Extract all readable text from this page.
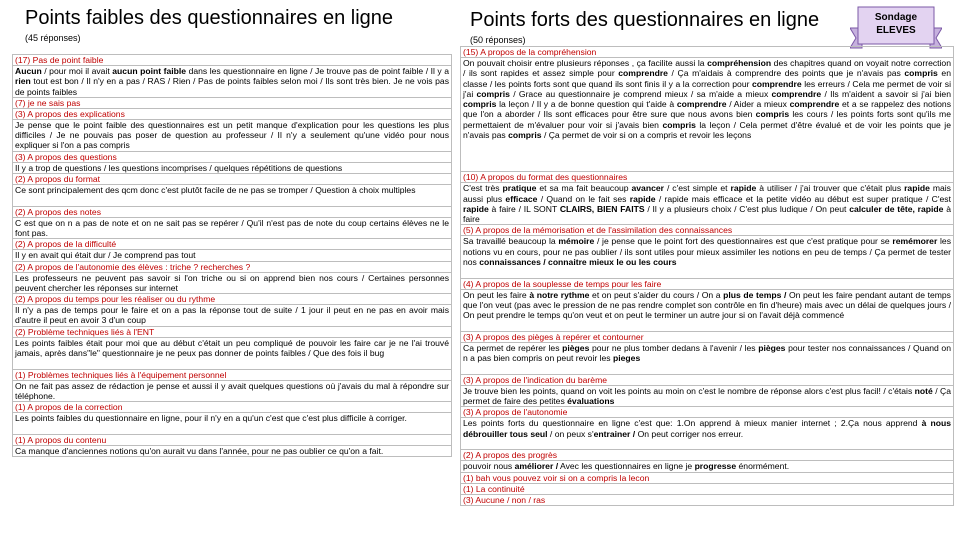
Points faibles des questionnaires en ligne
(45 réponses)
Points forts des questionnaires en ligne
(50 réponses)
Sondage
ELEVES
(17) Pas de point faible
Aucun / pour moi il avait aucun point faible dans les questionnaire en ligne / Je trouve pas de point faible / Il y a rien tout est bon / Il n'y en a pas / RAS / Rien / Pas de points faibles selon moi / Ils sont très bien. Je ne vois pas de points faibles
(7) je ne sais pas
(3) A propos des explications
Je pense que le point faible des questionnaires est un petit manque d'explication pour les questions les plus difficiles / Je ne pouvais pas poser de question au professeur / Il n'y a seulement qu'une vidéo pour nous expliquer si l'on a pas compris
(3) A propos des questions
Il y a trop de questions / les questions incomprises / quelques répétitions de questions
(2) A propos du format
Ce sont principalement des qcm donc c'est plutôt facile de ne pas se tromper / Question à choix multiples
(2) A propos des notes
C est que on n a pas de note et on ne sait pas se repérer / Qu'il n'est pas de note du coup certains élèves ne le font pas.
(2) A propos de la difficulté
Il y en avait qui était dur / Je comprend pas tout
(2) A propos de l'autonomie des élèves : triche ? recherches ?
Les professeurs ne peuvent pas savoir si l'on triche ou si on apprend bien nos cours / Certaines personnes peuvent chercher les réponses sur internet
(2) A propos du temps pour les réaliser ou du rythme
Il n'y a pas de temps pour le faire et on a pas la réponse tout de suite / 1 jour il peut en ne pas en avoir mais d'autre il peut en avoir 3 d'un coup
(2) Problème techniques liés à l'ENT
Les points faibles était pour moi que au début c'était un peu compliqué de pouvoir les faire car je ne l'ai trouvé jamais, après dans"le" questionnaire je ne peux pas donner de points faibles / Que des fois il bug
(1) Problèmes techniques liés à l'équipement personnel
On ne fait pas assez de rédaction je pense et aussi il y avait quelques questions où j'avais du mal à répondre sur téléphone.
(1) A propos de la correction
Les points faibles du questionnaire en ligne, pour il n'y en a qu'un c'est que c'est plus difficile à corriger.
(1) A propos du contenu
Ca manque d'anciennes notions qu'on aurait vu dans l'année, pour ne pas oublier ce qu'on a fait.
(15) A propos de la compréhension
On pouvait choisir entre plusieurs réponses , ça facilite aussi la compréhension des chapitres quand on voyait notre correction / ils sont rapides et assez simple pour comprendre / Ça m'aidais à comprendre des points que je n'avais pas compris en classe / les points forts sont que quand ils sont finis il y a la correction pour comprendre les erreurs / Cela me permet de voir si j'ai compris / Grace au questionnaire je comprend mieux / sa m'aide a mieux comprendre / Ils m'aident a savoir si j'ai bien compris la leçon / Il y a de bonne question qui t'aide à comprendre / Aider a mieux comprendre et a se rappelez des notions que l'on a aborder / Ils sont efficaces pour être sure que nous avons bien compris les cours / les points forts sont qu'ils me permettaient de m'évaluer pour voir si j'avais bien compris la leçon / Cela permet d'être évalué et de voir les points que je n'avais pas compris / Ça permet de voir si on a compris et revoir les leçons
(10) A propos du format des questionnaires
C'est très pratique et sa ma fait beaucoup avancer / c'est simple et rapide à utiliser / j'ai trouver que c'était plus rapide mais aussi plus efficace / Quand on le fait ses rapide / rapide mais efficace et la petite vidéo au début est super pratique / C'est rapide à faire / IL SONT CLAIRS, BIEN FAITS / Il y a plusieurs choix / C'est plus ludique / On peut calculer de tête, rapide à faire
(5) A propos de la mémorisation et de l'assimilation des connaissances
Sa travaillé beaucoup la mémoire / je pense que le point fort des questionnaires est que c'est pratique pour se remémorer les notions vu en cours, pour ne pas oublier / ils sont utiles pour mieux assimiler les notions en peu de temps / Ça permet de tester nos connaissances / connaitre mieux le ou les cours
(4) A propos de la souplesse de temps pour les faire
On peut les faire à notre rythme et on peut s'aider du cours / On a plus de temps / On peut les faire pendant autant de temps que l'on veut (pas avec le pression de ne pas rendre complet son contrôle en fin d'heure) mais avec un délai de quelques jours / On peut prendre le temps qu'on veut et on peut le terminer un autre jour si on l'avait déjà commencé
(3) A propos des pièges à repérer et contourner
Ca permet de repérer les pièges pour ne plus tomber dedans à l'avenir / les pièges pour tester nos connaissances / Quand on n a pas bien compris on peut revoir les pieges
(3) A propos de l'indication du barème
Je trouve bien les points, quand on voit les points au moin on c'est le nombre de réponse alors c'est plus facil! / c'étais noté / Ça permet de faire des petites évaluations
(3) A propos de l'autonomie
Les points forts du questionnaire en ligne c'est que: 1.On apprend à mieux manier internet ; 2.Ça nous apprend à nous débrouiller tous seul / on peux s'entrainer / On peut corriger nos erreur.
(2) A propos des progrès
pouvoir nous améliorer / Avec les questionnaires en ligne je progresse énormément.
(1) bah vous pouvez voir si on a compris la lecon
(1) La continuité
(3) Aucune / non / ras
